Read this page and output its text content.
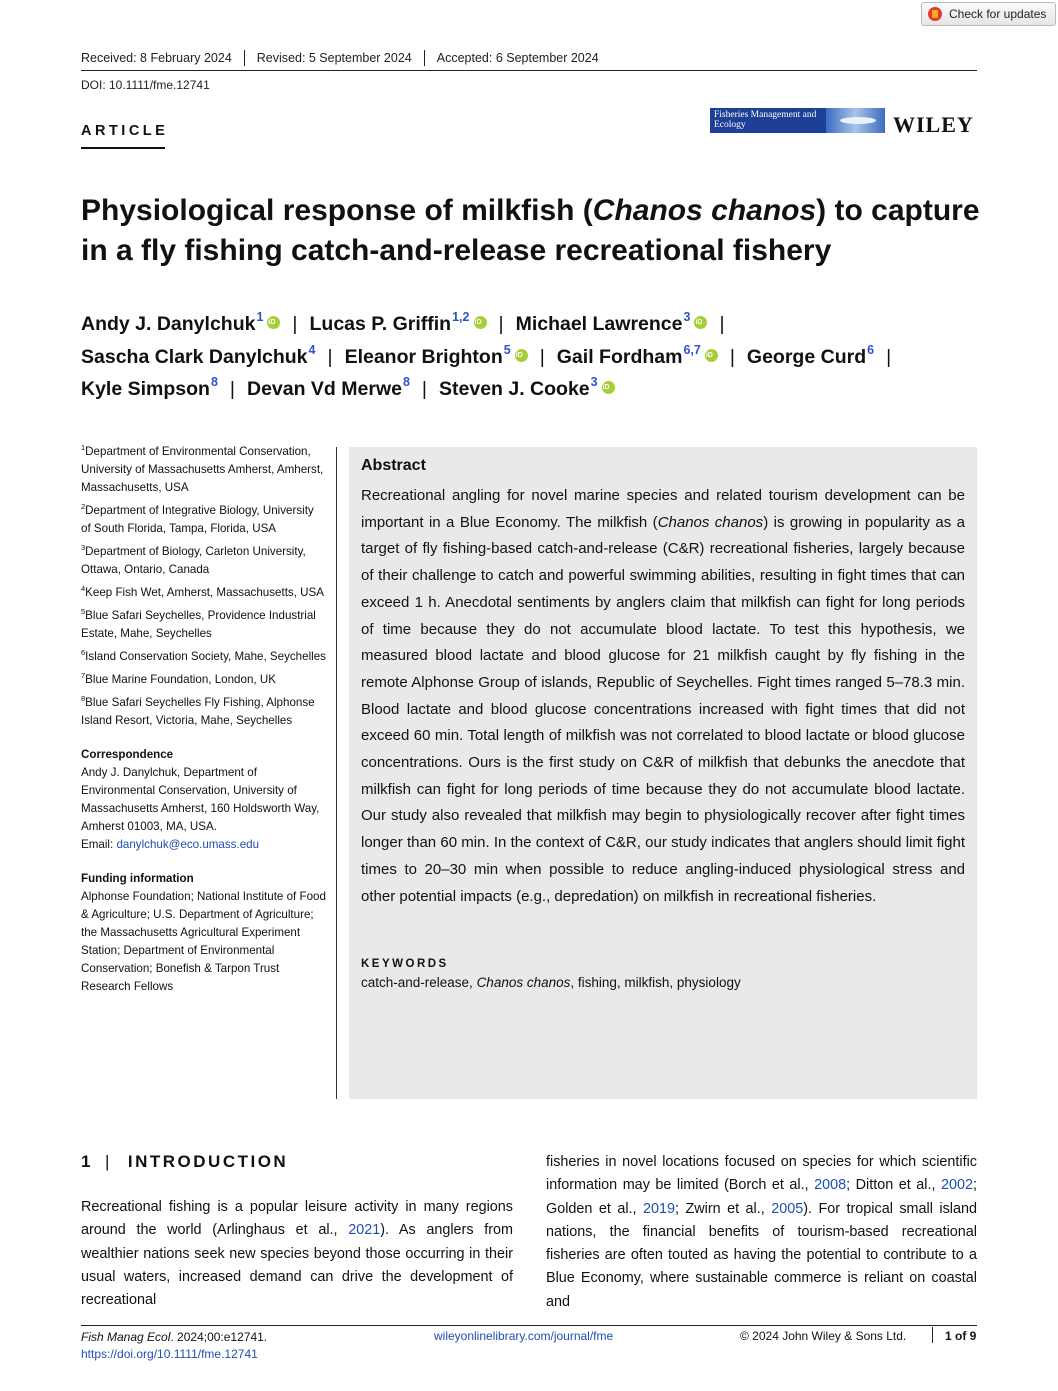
Check for updates
Received: 8 February 2024	Revised: 5 September 2024	Accepted: 6 September 2024
DOI: 10.1111/fme.12741
ARTICLE
Fisheries Management and Ecology	WILEY
Physiological response of milkfish (Chanos chanos) to capture in a fly fishing catch-and-release recreational fishery
Andy J. Danylchuk$^1$ iD | Lucas P. Griffin$^{1,2}$ iD | Michael Lawrence$^3$ iD |
Sascha Clark Danylchuk$^4$ | Eleanor Brighton$^5$ iD | Gail Fordham$^{6,7}$ iD | George Curd$^6$ |
Kyle Simpson$^8$ | Devan Vd Merwe$^8$ | Steven J. Cooke$^3$iD
$^1$Department of Environmental Conservation, University of Massachusetts Amherst, Amherst, Massachusetts, USA
$^2$Department of Integrative Biology, University of South Florida, Tampa, Florida, USA
$^3$Department of Biology, Carleton University, Ottawa, Ontario, Canada
$^4$Keep Fish Wet, Amherst, Massachusetts, USA
$^5$Blue Safari Seychelles, Providence Industrial Estate, Mahe, Seychelles
$^6$Island Conservation Society, Mahe, Seychelles
$^7$Blue Marine Foundation, London, UK
$^8$Blue Safari Seychelles Fly Fishing, Alphonse Island Resort, Victoria, Mahe, Seychelles
Correspondence
Andy J. Danylchuk, Department of Environmental Conservation, University of Massachusetts Amherst, 160 Holdsworth Way, Amherst 01003, MA, USA.
Email: danylchuk@eco.umass.edu
Funding information
Alphonse Foundation; National Institute of Food & Agriculture; U.S. Department of Agriculture; the Massachusetts Agricultural Experiment Station; Department of Environmental Conservation; Bonefish & Tarpon Trust Research Fellows
Abstract
Recreational angling for novel marine species and related tourism development can be important in a Blue Economy. The milkfish (Chanos chanos) is growing in popularity as a target of fly fishing-based catch-and-release (C&R) recreational fisheries, largely because of their challenge to catch and powerful swimming abilities, resulting in fight times that can exceed 1 h. Anecdotal sentiments by anglers claim that milkfish can fight for long periods of time because they do not accumulate blood lactate. To test this hypothesis, we measured blood lactate and blood glucose for 21 milkfish caught by fly fishing in the remote Alphonse Group of islands, Republic of Seychelles. Fight times ranged 5–78.3 min. Blood lactate and blood glucose concentrations increased with fight times that did not exceed 60 min. Total length of milkfish was not correlated to blood lactate or blood glucose concentrations. Ours is the first study on C&R of milkfish that debunks the anecdote that milkfish can fight for long periods of time because they do not accumulate blood lactate. Our study also revealed that milkfish may begin to physiologically recover after fight times longer than 60 min. In the context of C&R, our study indicates that anglers should limit fight times to 20–30 min when possible to reduce angling-induced physiological stress and other potential impacts (e.g., depredation) on milkfish in recreational fisheries.
KEYWORDS
catch-and-release, Chanos chanos, fishing, milkfish, physiology
1 | INTRODUCTION
Recreational fishing is a popular leisure activity in many regions around the world (Arlinghaus et al., 2021). As anglers from wealthier nations seek new species beyond those occurring in their usual waters, increased demand can drive the development of recreational
fisheries in novel locations focused on species for which scientific information may be limited (Borch et al., 2008; Ditton et al., 2002; Golden et al., 2019; Zwirn et al., 2005). For tropical small island nations, the financial benefits of tourism-based recreational fisheries are often touted as having the potential to contribute to a Blue Economy, where sustainable commerce is reliant on coastal and
Fish Manag Ecol. 2024;00:e12741.
https://doi.org/10.1111/fme.12741
wileyonlinelibrary.com/journal/fme	© 2024 John Wiley & Sons Ltd.	1 of 9
